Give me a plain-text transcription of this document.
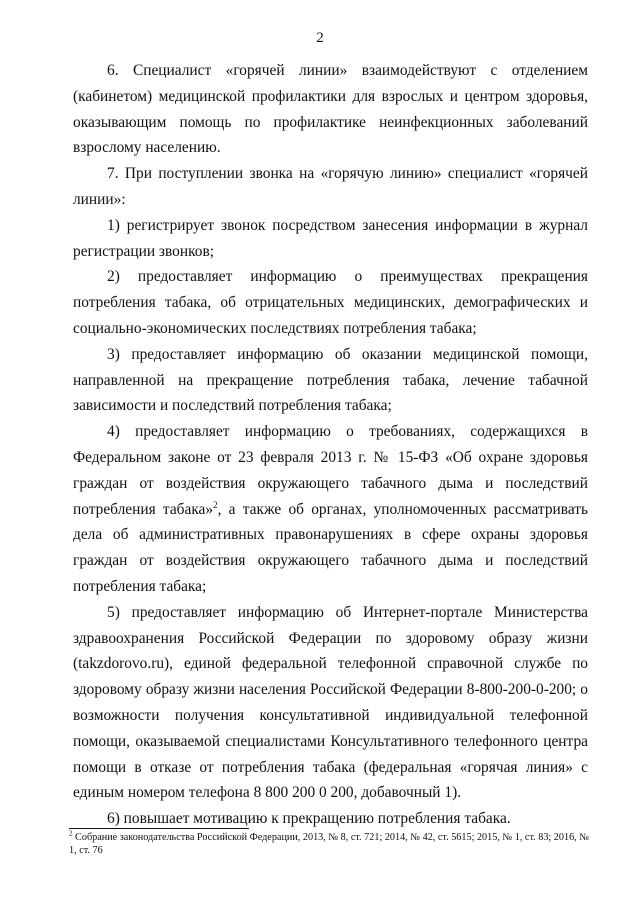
2

6. Специалист «горячей линии» взаимодействуют с отделением (кабинетом) медицинской профилактики для взрослых и центром здоровья, оказывающим помощь по профилактике неинфекционных заболеваний взрослому населению.

7. При поступлении звонка на «горячую линию» специалист «горячей линии»:

1) регистрирует звонок посредством занесения информации в журнал регистрации звонков;

2) предоставляет информацию о преимуществах прекращения потребления табака, об отрицательных медицинских, демографических и социально-экономических последствиях потребления табака;

3) предоставляет информацию об оказании медицинской помощи, направленной на прекращение потребления табака, лечение табачной зависимости и последствий потребления табака;

4) предоставляет информацию о требованиях, содержащихся в Федеральном законе от 23 февраля 2013 г. № 15-ФЗ «Об охране здоровья граждан от воздействия окружающего табачного дыма и последствий потребления табака»$^2$, а также об органах, уполномоченных рассматривать дела об административных правонарушениях в сфере охраны здоровья граждан от воздействия окружающего табачного дыма и последствий потребления табака;

5) предоставляет информацию об Интернет-портале Министерства здравоохранения Российской Федерации по здоровому образу жизни (takzdorovo.ru), единой федеральной телефонной справочной службе по здоровому образу жизни населения Российской Федерации 8-800-200-0-200; о возможности получения консультативной индивидуальной телефонной помощи, оказываемой специалистами Консультативного телефонного центра помощи в отказе от потребления табака (федеральная «горячая линия» с единым номером телефона 8 800 200 0 200, добавочный 1).

6) повышает мотивацию к прекращению потребления табака.

$^2$ Собрание законодательства Российской Федерации, 2013, № 8, ст. 721; 2014, № 42, ст. 5615; 2015, № 1, ст. 83; 2016, № 1, ст. 76
